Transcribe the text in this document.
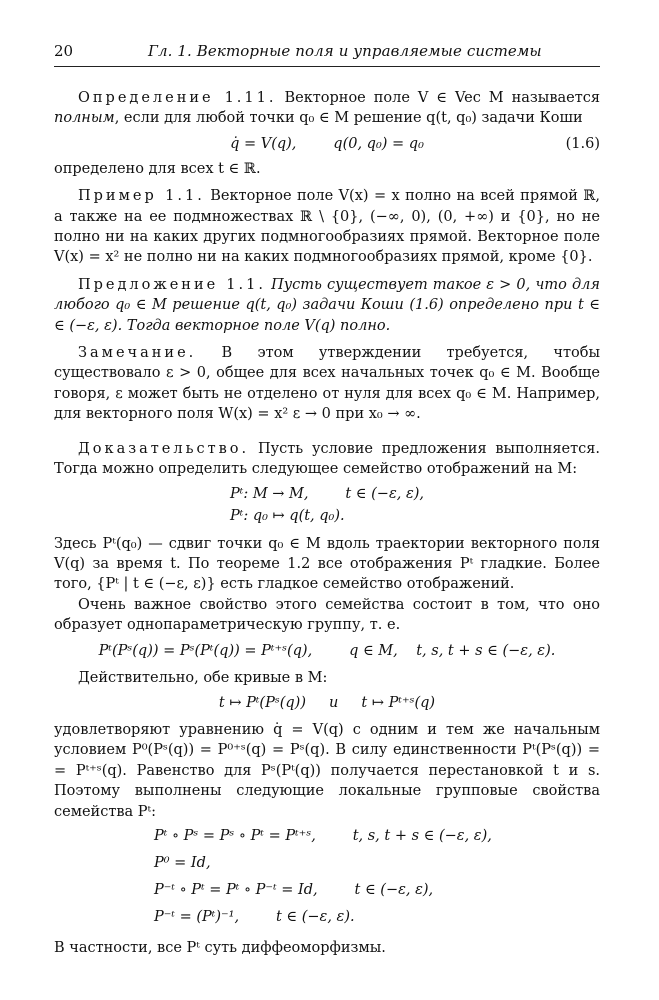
20	Гл. 1. Векторные поля и управляемые системы

Определение 1.11. Векторное поле V ∈ Vec M называется полным, если для любой точки q₀ ∈ M решение q(t, q₀) задачи Коши

q̇ = V(q),        q(0, q₀) = q₀	(1.6)

определено для всех t ∈ ℝ.

Пример 1.1. Векторное поле V(x) = x полно на всей прямой ℝ, а также на ее подмножествах ℝ \ {0}, (−∞, 0), (0, +∞) и {0}, но не полно ни на каких других подмногообразиях прямой. Векторное поле V(x) = x² не полно ни на каких подмногообразиях прямой, кроме {0}.

Предложение 1.1. Пусть существует такое ε > 0, что для любого q₀ ∈ M решение q(t, q₀) задачи Коши (1.6) определено при t ∈ ∈ (−ε, ε). Тогда векторное поле V(q) полно.

Замечание. В этом утверждении требуется, чтобы существовало ε > 0, общее для всех начальных точек q₀ ∈ M. Вообще говоря, ε может быть не отделено от нуля для всех q₀ ∈ M. Например, для векторного поля W(x) = x² ε → 0 при x₀ → ∞.

Доказательство. Пусть условие предложения выполняется. Тогда можно определить следующее семейство отображений на M:

Pᵗ: M → M,        t ∈ (−ε, ε),
Pᵗ: q₀ ↦ q(t, q₀).

Здесь Pᵗ(q₀) — сдвиг точки q₀ ∈ M вдоль траектории векторного поля V(q) за время t. По теореме 1.2 все отображения Pᵗ гладкие. Более того, {Pᵗ | t ∈ (−ε, ε)} есть гладкое семейство отображений.

Очень важное свойство этого семейства состоит в том, что оно образует однопараметрическую группу, т. е.

Pᵗ(Pˢ(q)) = Pˢ(Pᵗ(q)) = Pᵗ⁺ˢ(q),        q ∈ M,    t, s, t + s ∈ (−ε, ε).

Действительно, обе кривые в M:

t ↦ Pᵗ(Pˢ(q))     и     t ↦ Pᵗ⁺ˢ(q)

удовлетворяют уравнению q̇ = V(q) с одним и тем же начальным условием P⁰(Pˢ(q)) = P⁰⁺ˢ(q) = Pˢ(q). В силу единственности Pᵗ(Pˢ(q)) = = Pᵗ⁺ˢ(q). Равенство для Pˢ(Pᵗ(q)) получается перестановкой t и s. Поэтому выполнены следующие локальные групповые свойства семейства Pᵗ:

Pᵗ ∘ Pˢ = Pˢ ∘ Pᵗ = Pᵗ⁺ˢ,        t, s, t + s ∈ (−ε, ε),
P⁰ = Id,
P⁻ᵗ ∘ Pᵗ = Pᵗ ∘ P⁻ᵗ = Id,        t ∈ (−ε, ε),
P⁻ᵗ = (Pᵗ)⁻¹,        t ∈ (−ε, ε).

В частности, все Pᵗ суть диффеоморфизмы.
